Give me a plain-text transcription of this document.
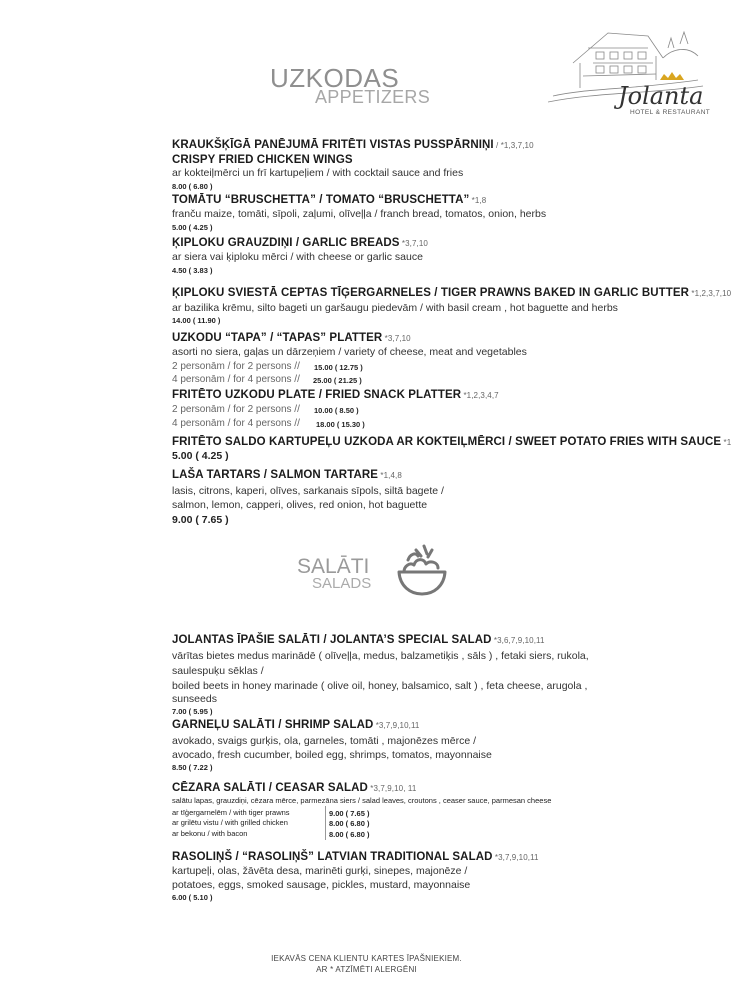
Jolanta
HOTEL & RESTAURANT
UZKODAS
APPETIZERS
KRAUKŠĶĪGĀ PANĒJUMĀ FRITĒTI VISTAS PUSSPĀRNIŅI / *1,3,7,10
CRISPY FRIED CHICKEN WINGS
ar kokteiļmērci un frī kartupeļiem / with cocktail sauce and fries
8.00 ( 6.80 )
TOMĀTU “BRUSCHETTA” / TOMATO “BRUSCHETTA” *1,8
franču maize, tomāti, sīpoli, zaļumi, olīveļļa / franch bread, tomatos, onion, herbs
5.00 ( 4.25 )
ĶIPLOKU GRAUZDIŅI / GARLIC BREADS *3,7,10
ar siera vai ķiploku mērci / with cheese or garlic sauce
4.50 ( 3.83 )
ĶIPLOKU SVIESTĀ CEPTAS TĪĢERGARNELES / TIGER PRAWNS BAKED IN GARLIC BUTTER *1,2,3,7,10
ar bazilika krēmu, silto bageti un garšaugu piedevām / with basil cream , hot baguette and herbs
14.00 ( 11.90 )
UZKODU “TAPA” / “TAPAS” PLATTER *3,7,10
asorti no siera, gaļas un dārzeņiem / variety of cheese, meat and vegetables
2 personām / for 2 persons // 15.00 ( 12.75 )
4 personām / for 4 persons // 25.00 ( 21.25 )
FRITĒTO UZKODU PLATE / FRIED SNACK PLATTER *1,2,3,4,7
2 personām / for 2 persons // 10.00 ( 8.50 )
4 personām / for 4 persons // 18.00 ( 15.30 )
FRITĒTO SALDO KARTUPEĻU UZKODA AR KOKTEIĻMĒRCI / SWEET POTATO FRIES WITH SAUCE *1
5.00 ( 4.25 )
LAŠA TARTARS / SALMON TARTARE *1,4,8
lasis, citrons, kaperi, olīves, sarkanais sīpols, siltā bagete /
salmon, lemon, capperi, olives, red onion, hot baguette
9.00 ( 7.65 )
SALĀTI
SALADS
JOLANTAS ĪPAŠIE SALĀTI / JOLANTA’S SPECIAL SALAD *3,6,7,9,10,11
vārītas bietes medus marinādē ( olīveļļa, medus, balzametiķis , sāls ) , fetaki siers, rukola,
saulespuķu sēklas /
boiled beets in honey marinade ( olive oil, honey, balsamico, salt ) , feta cheese, arugola ,
sunseeds
7.00 ( 5.95 )
GARNEĻU SALĀTI / SHRIMP SALAD *3,7,9,10,11
avokado, svaigs gurķis, ola, garneles, tomāti , majonēzes mērce /
avocado, fresh cucumber, boiled egg, shrimps, tomatos, mayonnaise
8.50 ( 7.22 )
CĒZARA SALĀTI / CEASAR SALAD *3,7,9,10, 11
salātu lapas, grauzdiņi, cēzara mērce, parmezāna siers / salad leaves, croutons , ceaser sauce, parmesan cheese
ar tīģergarnelēm / with tiger prawns	9.00 ( 7.65 )
ar grilētu vistu / with grilled chicken	8.00 ( 6.80 )
ar bekonu / with bacon	8.00 ( 6.80 )
RASOLIŅŠ / “RASOLIŅŠ” LATVIAN TRADITIONAL SALAD *3,7,9,10,11
kartupeļi, olas, žāvēta desa, marinēti gurķi, sinepes, majonēze /
potatoes, eggs, smoked sausage, pickles, mustard, mayonnaise
6.00 ( 5.10 )
IEKAVĀS CENA KLIENTU KARTES ĪPAŠNIEKIEM.
AR * ATZĪMĒTI ALERGĒNI
